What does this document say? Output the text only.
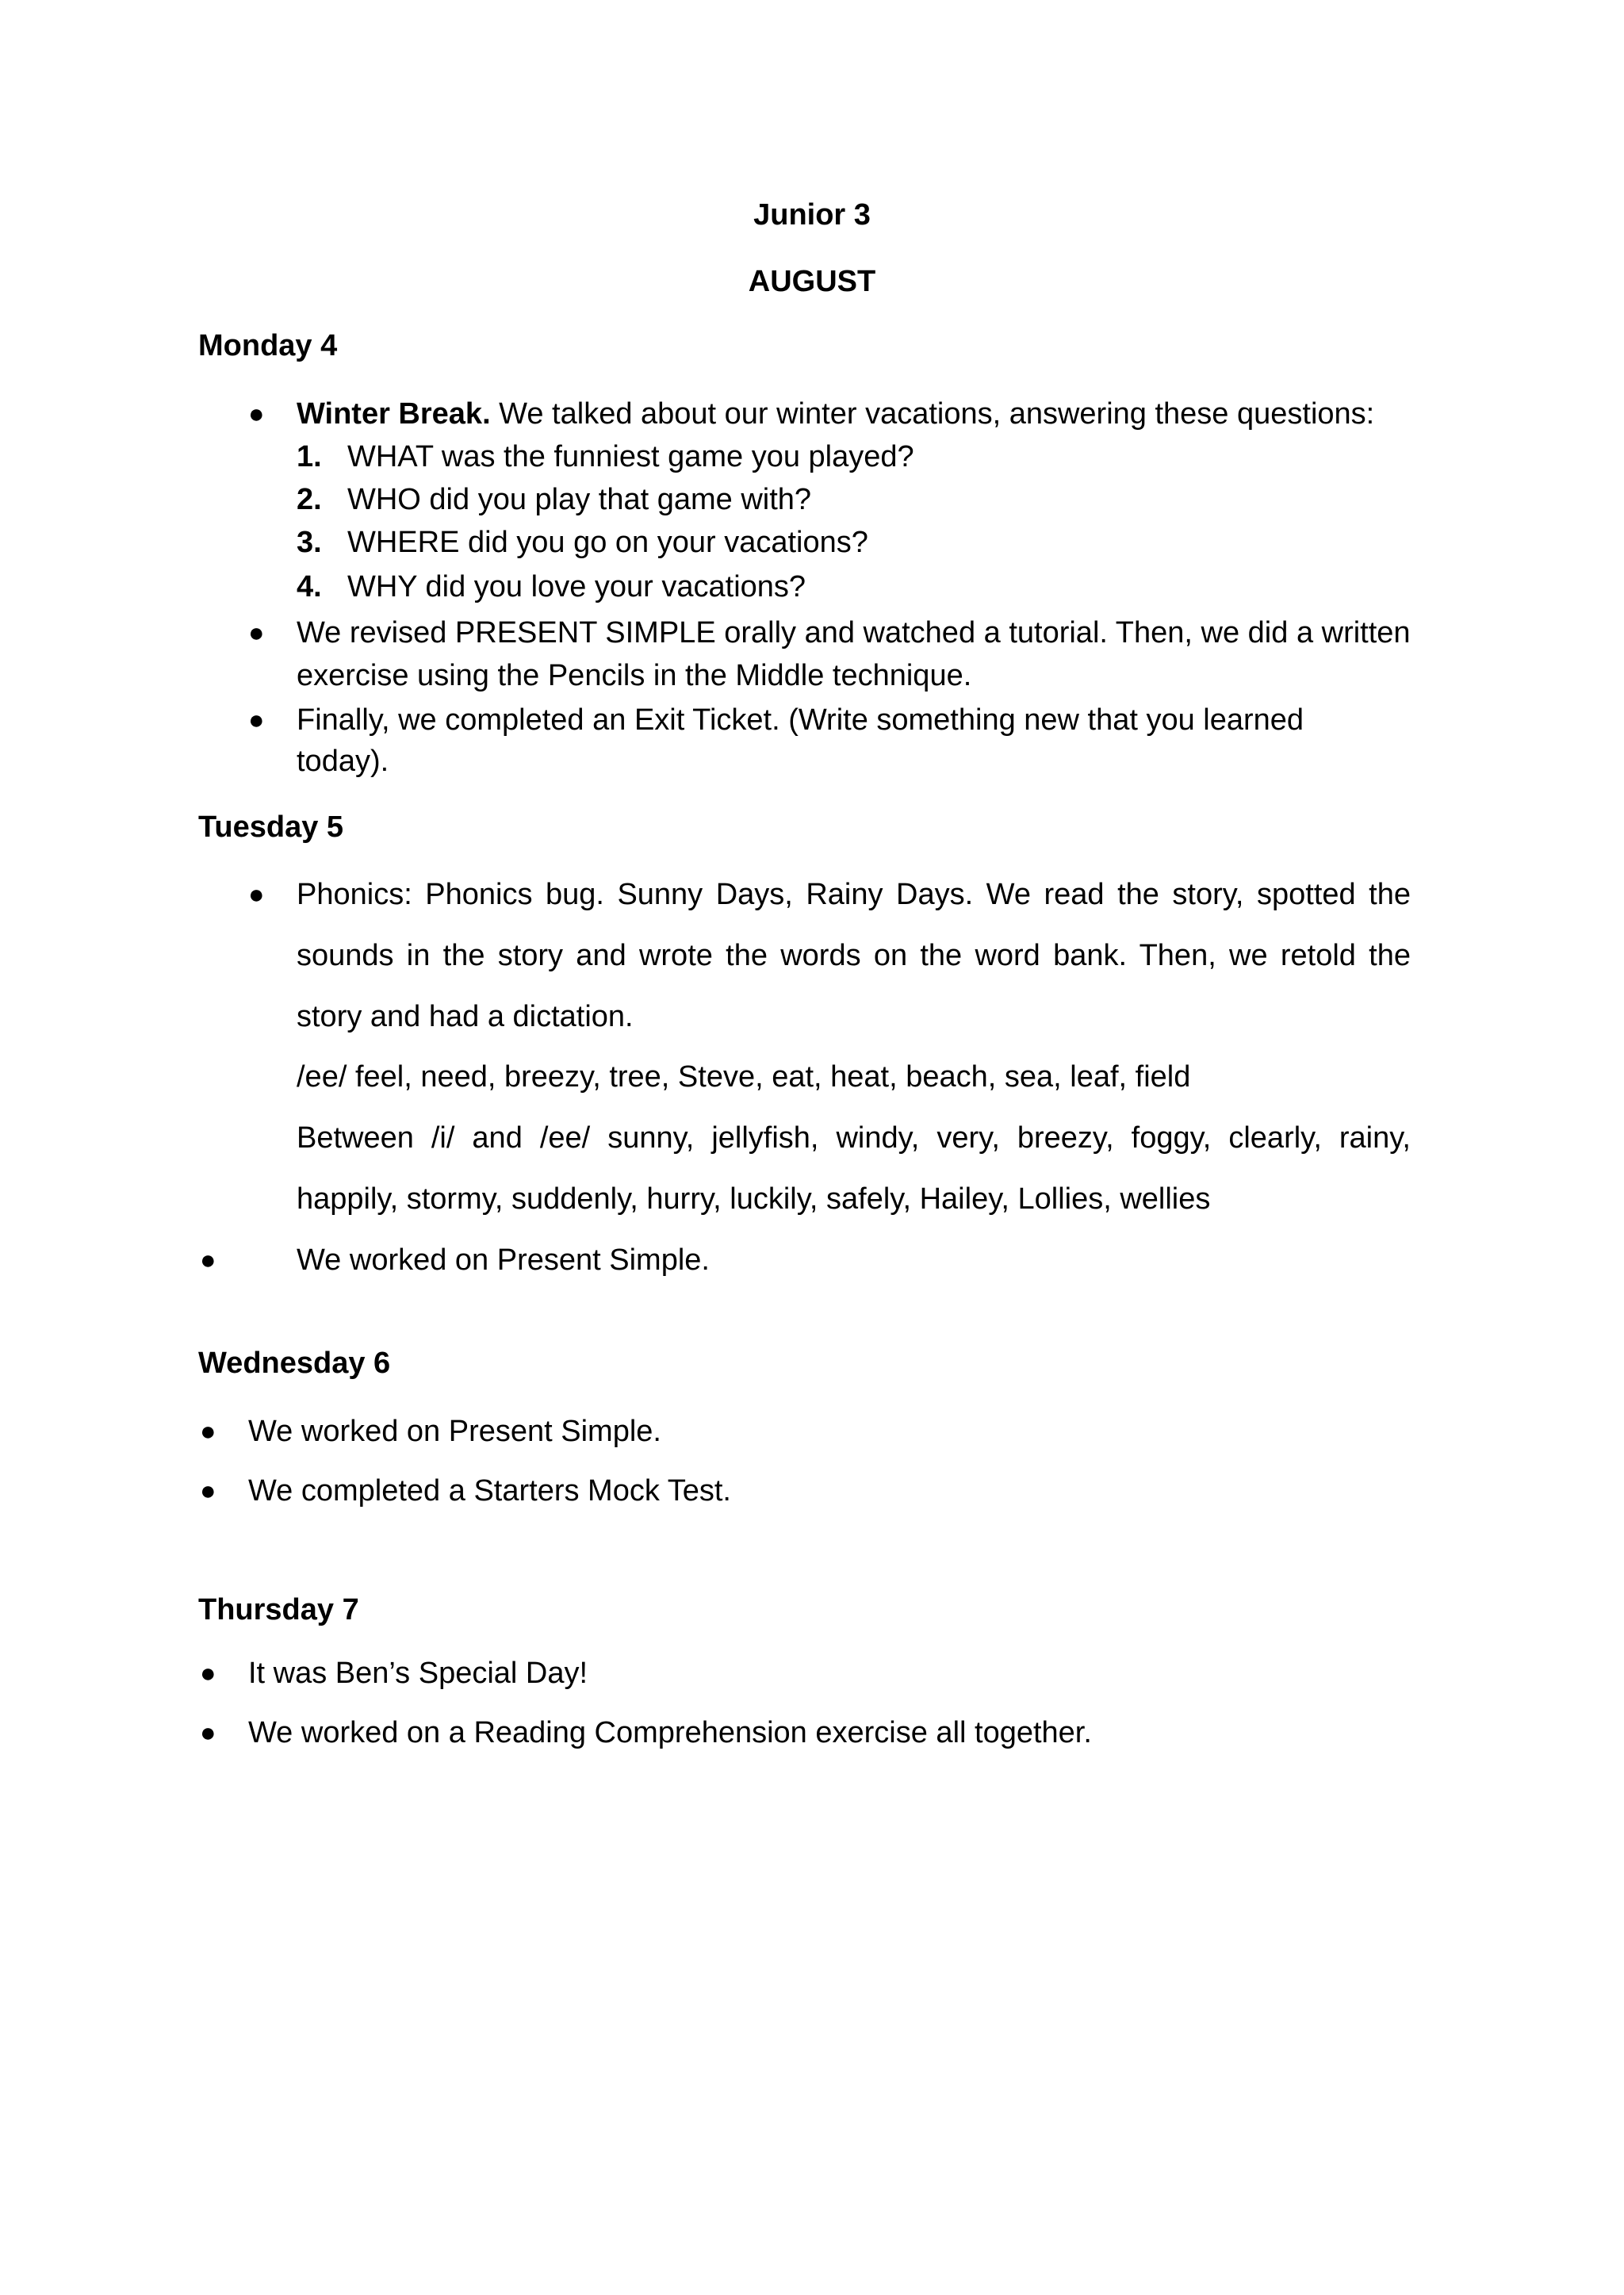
Junior 3
AUGUST
Monday 4
● Winter Break. We talked about our winter vacations, answering these questions:
1. WHAT was the funniest game you played?
2. WHO did you play that game with?
3. WHERE did you go on your vacations?
4. WHY did you love your vacations?
● We revised PRESENT SIMPLE orally and watched a tutorial. Then, we did a written
exercise using the Pencils in the Middle technique.
● Finally, we completed an Exit Ticket. (Write something new that you learned
today).
Tuesday 5
● Phonics: Phonics bug. Sunny Days, Rainy Days. We read the story, spotted the
sounds in the story and wrote the words on the word bank. Then, we retold the
story and had a dictation.
/ee/ feel, need, breezy, tree, Steve, eat, heat, beach, sea, leaf, field
Between /i/ and /ee/ sunny, jellyfish, windy, very, breezy, foggy, clearly, rainy,
happily, stormy, suddenly, hurry, luckily, safely, Hailey, Lollies, wellies
●	We worked on Present Simple.
Wednesday 6
● We worked on Present Simple.
● We completed a Starters Mock Test.
Thursday 7
● It was Ben’s Special Day!
● We worked on a Reading Comprehension exercise all together.
